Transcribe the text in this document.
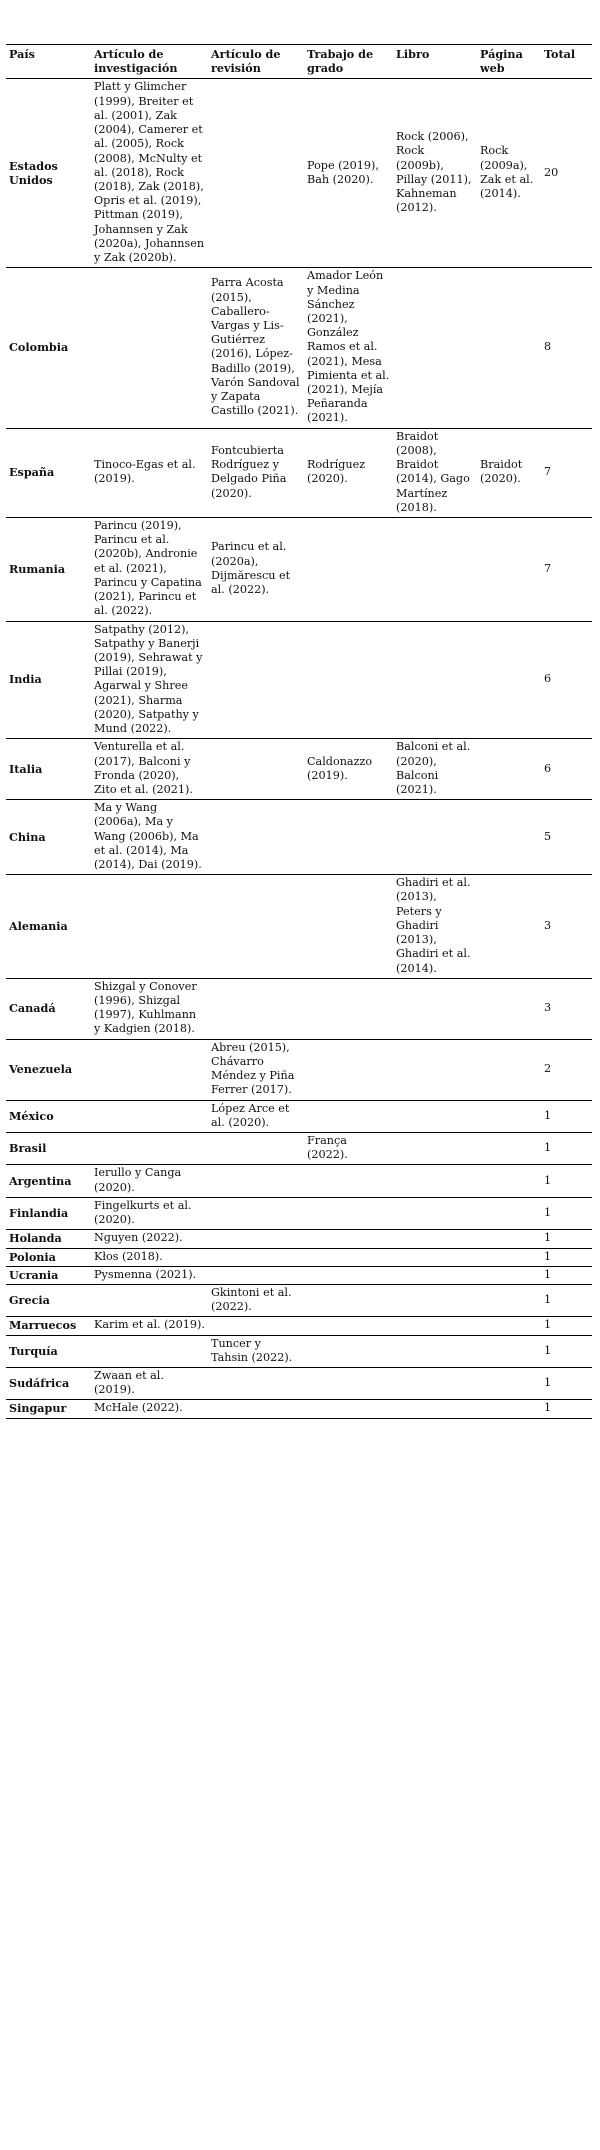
País	Artículo de investigación	Artículo de revisión	Trabajo de grado	Libro	Página web	Total
Estados Unidos	Platt y Glimcher (1999), Breiter et al. (2001), Zak (2004), Camerer et al. (2005), Rock (2008), McNulty et al. (2018), Rock (2018), Zak (2018), Opris et al. (2019), Pittman (2019), Johannsen y Zak (2020a), Johannsen y Zak (2020b).		Pope (2019), Bah (2020).	Rock (2006), Rock (2009b), Pillay (2011), Kahneman (2012).	Rock (2009a), Zak et al. (2014).	20
Colombia		Parra Acosta (2015), Caballero-Vargas y Lis-Gutiérrez (2016), López-Badillo (2019), Varón Sandoval y Zapata Castillo (2021).	Amador León y Medina Sánchez (2021), González Ramos et al. (2021), Mesa Pimienta et al. (2021), Mejía Peñaranda (2021).			8
España	Tinoco-Egas et al. (2019).	Fontcubierta Rodríguez y Delgado Piña (2020).	Rodríguez (2020).	Braidot (2008), Braidot (2014), Gago Martínez (2018).	Braidot (2020).	7
Rumania	Parincu (2019), Parincu et al. (2020b), Andronie et al. (2021), Parincu y Capatina (2021), Parincu et al. (2022).	Parincu et al. (2020a), Dijmărescu et al. (2022).				7
India	Satpathy (2012), Satpathy y Banerji (2019), Sehrawat y Pillai (2019), Agarwal y Shree (2021), Sharma (2020), Satpathy y Mund (2022).					6
Italia	Venturella et al. (2017), Balconi y Fronda (2020), Zito et al. (2021).		Caldonazzo (2019).	Balconi et al. (2020), Balconi (2021).		6
China	Ma y Wang (2006a), Ma y Wang (2006b), Ma et al. (2014), Ma (2014), Dai (2019).					5
Alemania				Ghadiri et al. (2013), Peters y Ghadiri (2013), Ghadiri et al. (2014).		3
Canadá	Shizgal y Conover (1996), Shizgal (1997), Kuhlmann y Kadgien (2018).					3
Venezuela		Abreu (2015), Chávarro Méndez y Piña Ferrer (2017).				2
México		López Arce et al. (2020).				1
Brasil			França (2022).			1
Argentina	Ierullo y Canga (2020).					1
Finlandia	Fingelkurts et al. (2020).					1
Holanda	Nguyen (2022).					1
Polonia	Kłos (2018).					1
Ucrania	Pysmenna (2021).					1
Grecia		Gkintoni et al. (2022).				1
Marruecos	Karim et al. (2019).					1
Turquía		Tuncer y Tahsin (2022).				1
Sudáfrica	Zwaan et al. (2019).					1
Singapur	McHale (2022).					1
